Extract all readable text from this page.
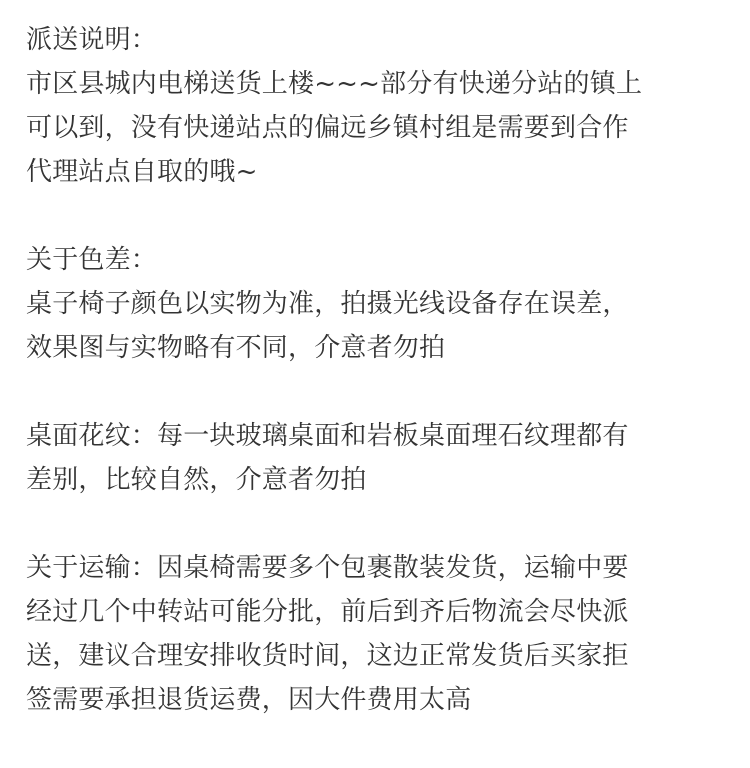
派送说明：
市区县城内电梯送货上楼~~~部分有快递分站的镇上
可以到，没有快递站点的偏远乡镇村组是需要到合作
代理站点自取的哦~
关于色差：
桌子椅子颜色以实物为准，拍摄光线设备存在误差，
效果图与实物略有不同，介意者勿拍
桌面花纹：每一块玻璃桌面和岩板桌面理石纹理都有
差别，比较自然，介意者勿拍
关于运输：因桌椅需要多个包裹散装发货，运输中要
经过几个中转站可能分批，前后到齐后物流会尽快派
送，建议合理安排收货时间，这边正常发货后买家拒
签需要承担退货运费，因大件费用太高
